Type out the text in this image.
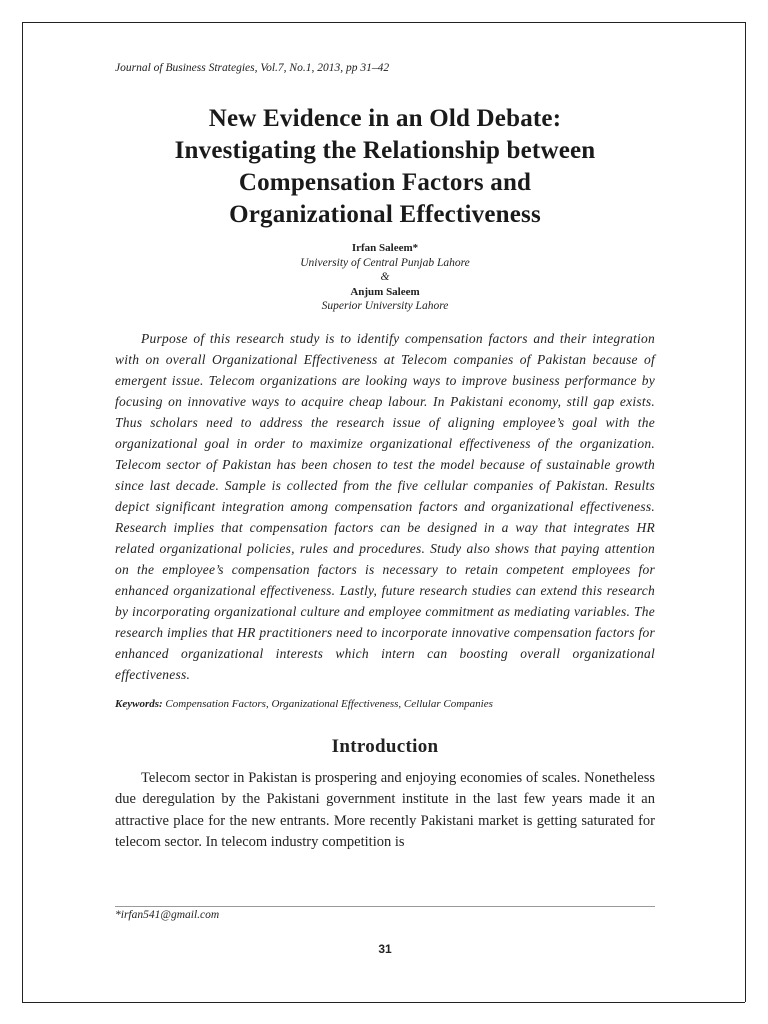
Journal of Business Strategies, Vol.7, No.1, 2013, pp 31–42

New Evidence in an Old Debate:
Investigating the Relationship between
Compensation Factors and
Organizational Effectiveness
Irfan Saleem*
University of Central Punjab Lahore
&
Anjum Saleem
Superior University Lahore
Purpose of this research study is to identify compensation factors and their integration with on overall Organizational Effectiveness at Telecom companies of Pakistan because of emergent issue. Telecom organizations are looking ways to improve business performance by focusing on innovative ways to acquire cheap labour. In Pakistani economy, still gap exists. Thus scholars need to address the research issue of aligning employee’s goal with the organizational goal in order to maximize organizational effectiveness of the organization. Telecom sector of Pakistan has been chosen to test the model because of sustainable growth since last decade. Sample is collected from the five cellular companies of Pakistan. Results depict significant integration among compensation factors and organizational effectiveness. Research implies that compensation factors can be designed in a way that integrates HR related organizational policies, rules and procedures. Study also shows that paying attention on the employee’s compensation factors is necessary to retain competent employees for enhanced organizational effectiveness. Lastly, future research studies can extend this research by incorporating organizational culture and employee commitment as mediating variables. The research implies that HR practitioners need to incorporate innovative compensation factors for enhanced organizational interests which intern can boosting overall organizational effectiveness.
Keywords: Compensation Factors, Organizational Effectiveness, Cellular Companies
Introduction
Telecom sector in Pakistan is prospering and enjoying economies of scales. Nonetheless due deregulation by the Pakistani government institute in the last few years made it an attractive place for the new entrants. More recently Pakistani market is getting saturated for telecom sector. In telecom industry competition is
*irfan541@gmail.com
31
